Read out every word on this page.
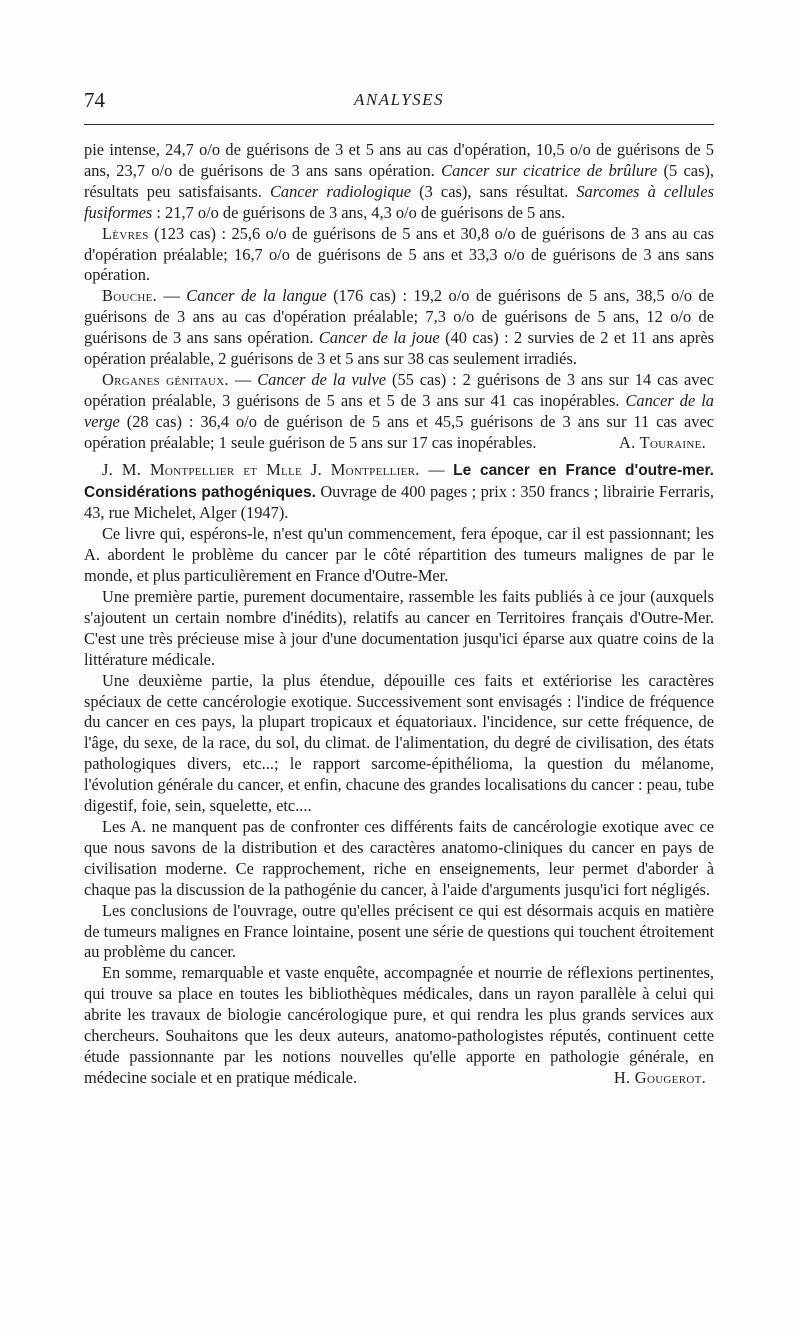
74	ANALYSES

pie intense, 24,7 o/o de guérisons de 3 et 5 ans au cas d'opération, 10,5 o/o de guérisons de 5 ans, 23,7 o/o de guérisons de 3 ans sans opération. Cancer sur cicatrice de brûlure (5 cas), résultats peu satisfaisants. Cancer radiologique (3 cas), sans résultat. Sarcomes à cellules fusiformes : 21,7 o/o de guérisons de 3 ans, 4,3 o/o de guérisons de 5 ans.

Lèvres (123 cas) : 25,6 o/o de guérisons de 5 ans et 30,8 o/o de guérisons de 3 ans au cas d'opération préalable; 16,7 o/o de guérisons de 5 ans et 33,3 o/o de guérisons de 3 ans sans opération.

Bouche. — Cancer de la langue (176 cas) : 19,2 o/o de guérisons de 5 ans, 38,5 o/o de guérisons de 3 ans au cas d'opération préalable; 7,3 o/o de guérisons de 5 ans, 12 o/o de guérisons de 3 ans sans opération. Cancer de la joue (40 cas) : 2 survies de 2 et 11 ans après opération préalable, 2 guérisons de 3 et 5 ans sur 38 cas seulement irradiés.

Organes génitaux. — Cancer de la vulve (55 cas) : 2 guérisons de 3 ans sur 14 cas avec opération préalable, 3 guérisons de 5 ans et 5 de 3 ans sur 41 cas inopérables. Cancer de la verge (28 cas) : 36,4 o/o de guérison de 5 ans et 45,5 guérisons de 3 ans sur 11 cas avec opération préalable; 1 seule guérison de 5 ans sur 17 cas inopérables.	A. Touraine.

J. M. Montpellier et Mlle J. Montpellier. — Le cancer en France d'outre-mer. Considérations pathogéniques. Ouvrage de 400 pages ; prix : 350 francs ; librairie Ferraris, 43, rue Michelet, Alger (1947).

Ce livre qui, espérons-le, n'est qu'un commencement, fera époque, car il est passionnant; les A. abordent le problème du cancer par le côté répartition des tumeurs malignes de par le monde, et plus particulièrement en France d'Outre-Mer.

Une première partie, purement documentaire, rassemble les faits publiés à ce jour (auxquels s'ajoutent un certain nombre d'inédits), relatifs au cancer en Territoires français d'Outre-Mer. C'est une très précieuse mise à jour d'une documentation jusqu'ici éparse aux quatre coins de la littérature médicale.

Une deuxième partie, la plus étendue, dépouille ces faits et extériorise les caractères spéciaux de cette cancérologie exotique. Successivement sont envisagés : l'indice de fréquence du cancer en ces pays, la plupart tropicaux et équatoriaux. l'incidence, sur cette fréquence, de l'âge, du sexe, de la race, du sol, du climat. de l'alimentation, du degré de civilisation, des états pathologiques divers, etc...; le rapport sarcome-épithélioma, la question du mélanome, l'évolution générale du cancer, et enfin, chacune des grandes localisations du cancer : peau, tube digestif, foie, sein, squelette, etc....

Les A. ne manquent pas de confronter ces différents faits de cancérologie exotique avec ce que nous savons de la distribution et des caractères anatomo-cliniques du cancer en pays de civilisation moderne. Ce rapprochement, riche en enseignements, leur permet d'aborder à chaque pas la discussion de la pathogénie du cancer, à l'aide d'arguments jusqu'ici fort négligés.

Les conclusions de l'ouvrage, outre qu'elles précisent ce qui est désormais acquis en matière de tumeurs malignes en France lointaine, posent une série de questions qui touchent étroitement au problème du cancer.

En somme, remarquable et vaste enquête, accompagnée et nourrie de réflexions pertinentes, qui trouve sa place en toutes les bibliothèques médicales, dans un rayon parallèle à celui qui abrite les travaux de biologie cancérologique pure, et qui rendra les plus grands services aux chercheurs. Souhaitons que les deux auteurs, anatomo-pathologistes réputés, continuent cette étude passionnante par les notions nouvelles qu'elle apporte en pathologie générale, en médecine sociale et en pratique médicale.	H. Gougerot.
